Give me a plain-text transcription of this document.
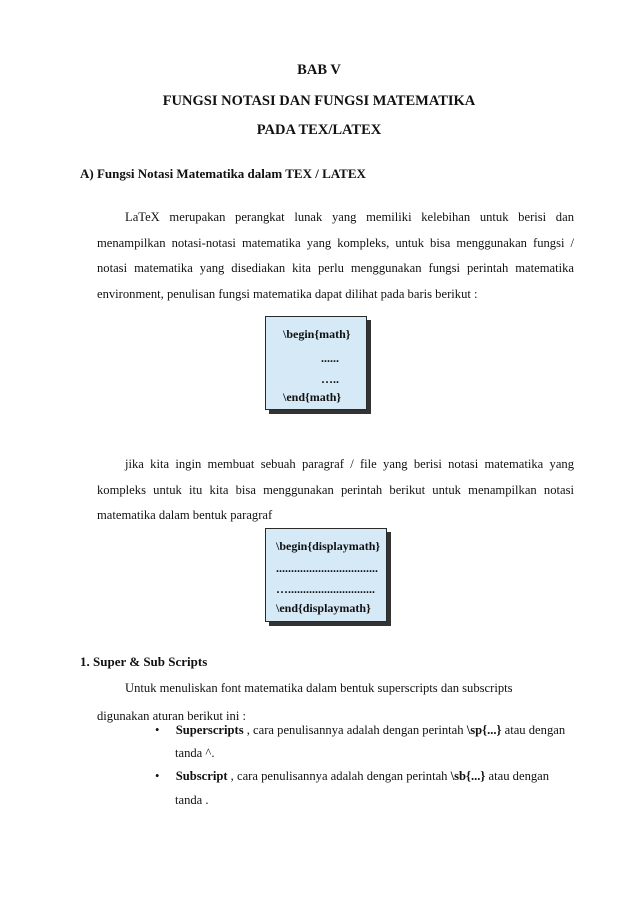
BAB V
FUNGSI NOTASI DAN FUNGSI MATEMATIKA
PADA TEX/LATEX
A) Fungsi Notasi Matematika dalam TEX / LATEX
LaTeX merupakan perangkat lunak yang memiliki kelebihan untuk berisi dan
menampilkan notasi-notasi matematika yang kompleks, untuk bisa menggunakan fungsi /
notasi matematika yang disediakan kita perlu menggunakan fungsi perintah matematika
environment, penulisan fungsi matematika dapat dilihat pada baris berikut :
\begin{math}
......
…..
\end{math}
jika kita ingin membuat sebuah paragraf / file yang berisi notasi matematika yang
kompleks untuk itu kita bisa menggunakan perintah berikut untuk menampilkan notasi
matematika dalam bentuk paragraf
\begin{displaymath}
..................................
….............................
\end{displaymath}
1. Super & Sub Scripts
Untuk menuliskan font matematika dalam bentuk superscripts dan subscripts
digunakan aturan berikut ini :
• Superscripts , cara penulisannya adalah dengan perintah \sp{...} atau dengan
tanda ^.
• Subscript , cara penulisannya adalah dengan perintah \sb{...} atau dengan
tanda .
